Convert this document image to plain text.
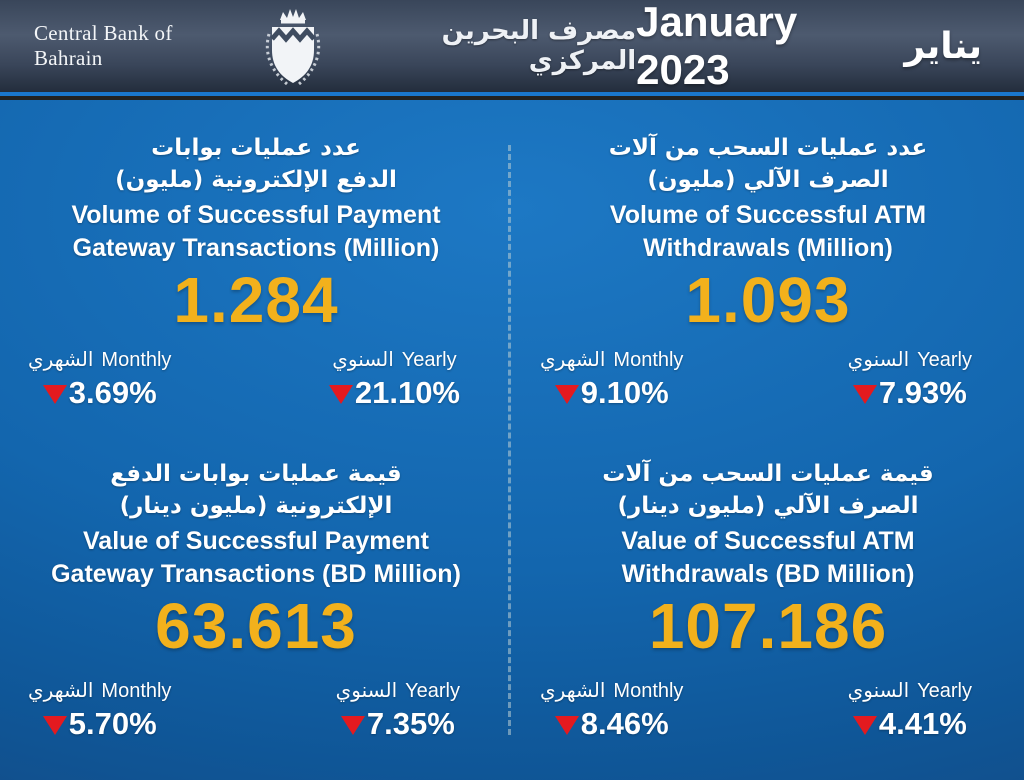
Central Bank of Bahrain
مصرف البحرين المركزي
January 2023	يناير
عدد عمليات بوابات
الدفع الإلكترونية (مليون)
Volume of Successful Payment
Gateway Transactions (Million)
1.284
الشهري Monthly
3.69%
السنوي Yearly
21.10%
عدد عمليات السحب من آلات
الصرف الآلي (مليون)
Volume of Successful ATM
Withdrawals (Million)
1.093
الشهري Monthly
9.10%
السنوي Yearly
7.93%
قيمة عمليات بوابات الدفع
الإلكترونية (مليون دينار)
Value of Successful Payment
Gateway Transactions (BD Million)
63.613
الشهري Monthly
5.70%
السنوي Yearly
7.35%
قيمة عمليات السحب من آلات
الصرف الآلي (مليون دينار)
Value of Successful ATM
Withdrawals (BD Million)
107.186
الشهري Monthly
8.46%
السنوي Yearly
4.41%
